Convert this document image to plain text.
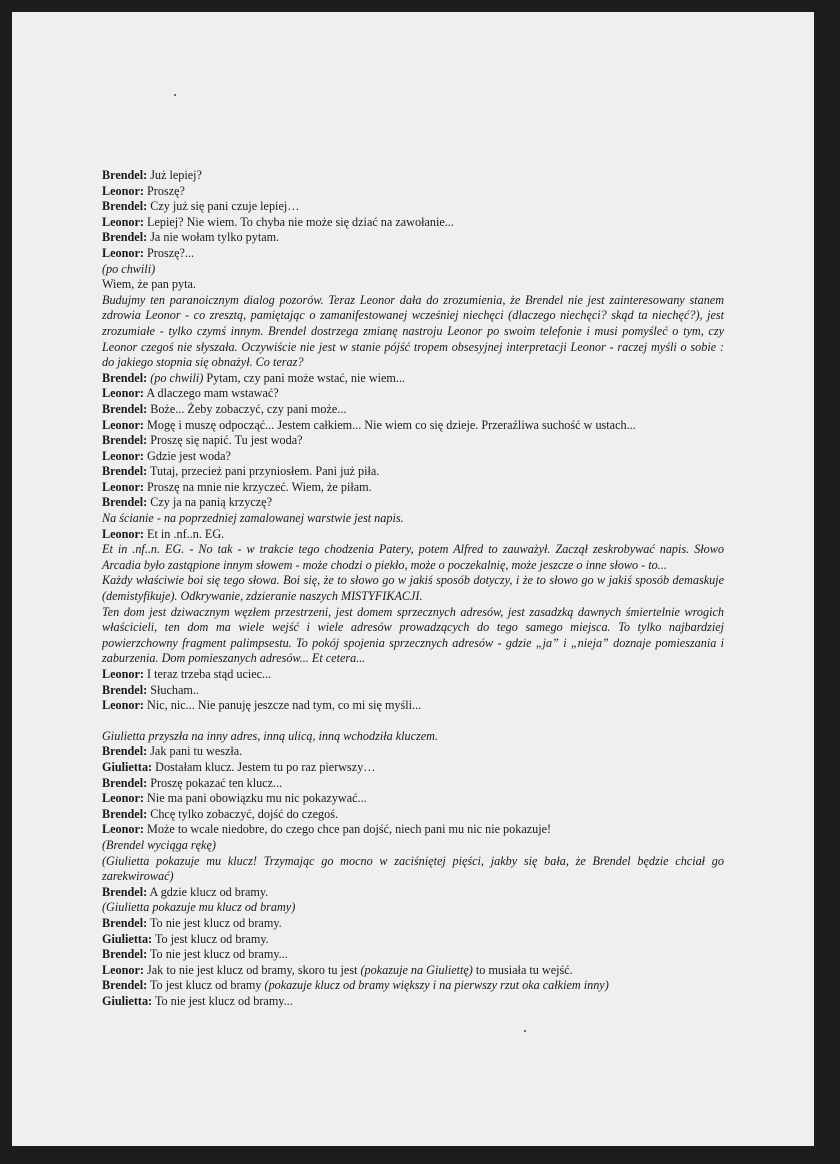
Brendel: Już lepiej?
Leonor: Proszę?
Brendel: Czy już się pani czuje lepiej…
Leonor: Lepiej? Nie wiem. To chyba nie może się dziać na zawołanie...
Brendel: Ja nie wołam tylko pytam.
Leonor: Proszę?...
(po chwili)
Wiem, że pan pyta.
Budujmy ten paranoicznym dialog pozorów. Teraz Leonor dała do zrozumienia, że Brendel nie jest zainteresowany stanem zdrowia Leonor - co zresztą, pamiętając o zamanifestowanej wcześniej niechęci (dlaczego niechęci? skąd ta niechęć?), jest zrozumiałe - tylko czymś innym. Brendel dostrzega zmianę nastroju Leonor po swoim telefonie i musi pomyśleć o tym, czy Leonor czegoś nie słyszała. Oczywiście nie jest w stanie pójść tropem obsesyjnej interpretacji Leonor - raczej myśli o sobie : do jakiego stopnia się obnażył. Co teraz?
Brendel: (po chwili) Pytam, czy pani może wstać, nie wiem...
Leonor: A dlaczego mam wstawać?
Brendel: Boże... Żeby zobaczyć, czy pani może...
Leonor: Mogę i muszę odpocząć... Jestem całkiem... Nie wiem co się dzieje. Przeraźliwa suchość w ustach...
Brendel: Proszę się napić. Tu jest woda?
Leonor: Gdzie jest woda?
Brendel: Tutaj, przecież pani przyniosłem. Pani już piła.
Leonor: Proszę na mnie nie krzyczeć. Wiem, że piłam.
Brendel: Czy ja na panią krzyczę?
Na ścianie - na poprzedniej zamalowanej warstwie jest napis.
Leonor: Et in .nf..n. EG.
Et in .nf..n. EG. - No tak - w trakcie tego chodzenia Patery, potem Alfred to zauważył. Zaczął zeskrobywać napis. Słowo Arcadia było zastąpione innym słowem - może chodzi o piekło, może o poczekalnię, może jeszcze o inne słowo - to...
Każdy właściwie boi się tego słowa. Boi się, że to słowo go w jakiś sposób dotyczy, i że to słowo go w jakiś sposób demaskuje (demistyfikuje). Odkrywanie, zdzieranie naszych MISTYFIKACJI.
Ten dom jest dziwacznym węzłem przestrzeni, jest domem sprzecznych adresów, jest zasadzką dawnych śmiertelnie wrogich właścicieli, ten dom ma wiele wejść i wiele adresów prowadzących do tego samego miejsca. To tylko najbardziej powierzchowny fragment palimpsestu. To pokój spojenia sprzecznych adresów - gdzie „ja” i „nieja” doznaje pomieszania i zaburzenia. Dom pomieszanych adresów... Et cetera...
Leonor: I teraz trzeba stąd uciec...
Brendel: Słucham..
Leonor: Nic, nic... Nie panuję jeszcze nad tym, co mi się myśli...
Giulietta przyszła na inny adres, inną ulicą, inną wchodziła kluczem.
Brendel: Jak pani tu weszła.
Giulietta: Dostałam klucz. Jestem tu po raz pierwszy…
Brendel: Proszę pokazać ten klucz...
Leonor: Nie ma pani obowiązku mu nic pokazywać...
Brendel: Chcę tylko zobaczyć, dojść do czegoś.
Leonor: Może to wcale niedobre, do czego chce pan dojść, niech pani mu nic nie pokazuje!
(Brendel wyciąga rękę)
(Giulietta pokazuje mu klucz! Trzymając go mocno w zaciśniętej pięści, jakby się bała, że Brendel będzie chciał go zarekwirować)
Brendel: A gdzie klucz od bramy.
(Giulietta pokazuje mu klucz od bramy)
Brendel: To nie jest klucz od bramy.
Giulietta: To jest klucz od bramy.
Brendel: To nie jest klucz od bramy...
Leonor: Jak to nie jest klucz od bramy, skoro tu jest (pokazuje na Giuliettę) to musiała tu wejść.
Brendel: To jest klucz od bramy (pokazuje klucz od bramy większy i na pierwszy rzut oka całkiem inny)
Giulietta: To nie jest klucz od bramy...
